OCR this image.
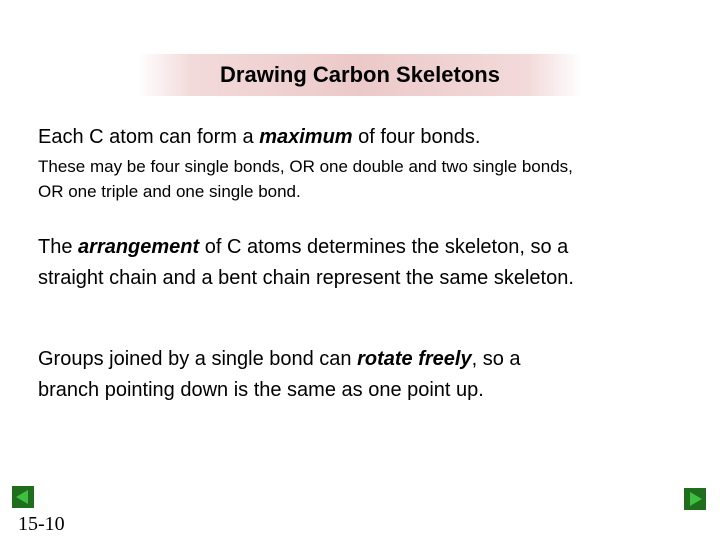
Drawing Carbon Skeletons

Each C atom can form a maximum of four bonds.

These may be four single bonds, OR one double and two single bonds,
OR one triple and one single bond.

The arrangement of C atoms determines the skeleton, so a
straight chain and a bent chain represent the same skeleton.

Groups joined by a single bond can rotate freely, so a
branch pointing down is the same as one point up.

15-10
